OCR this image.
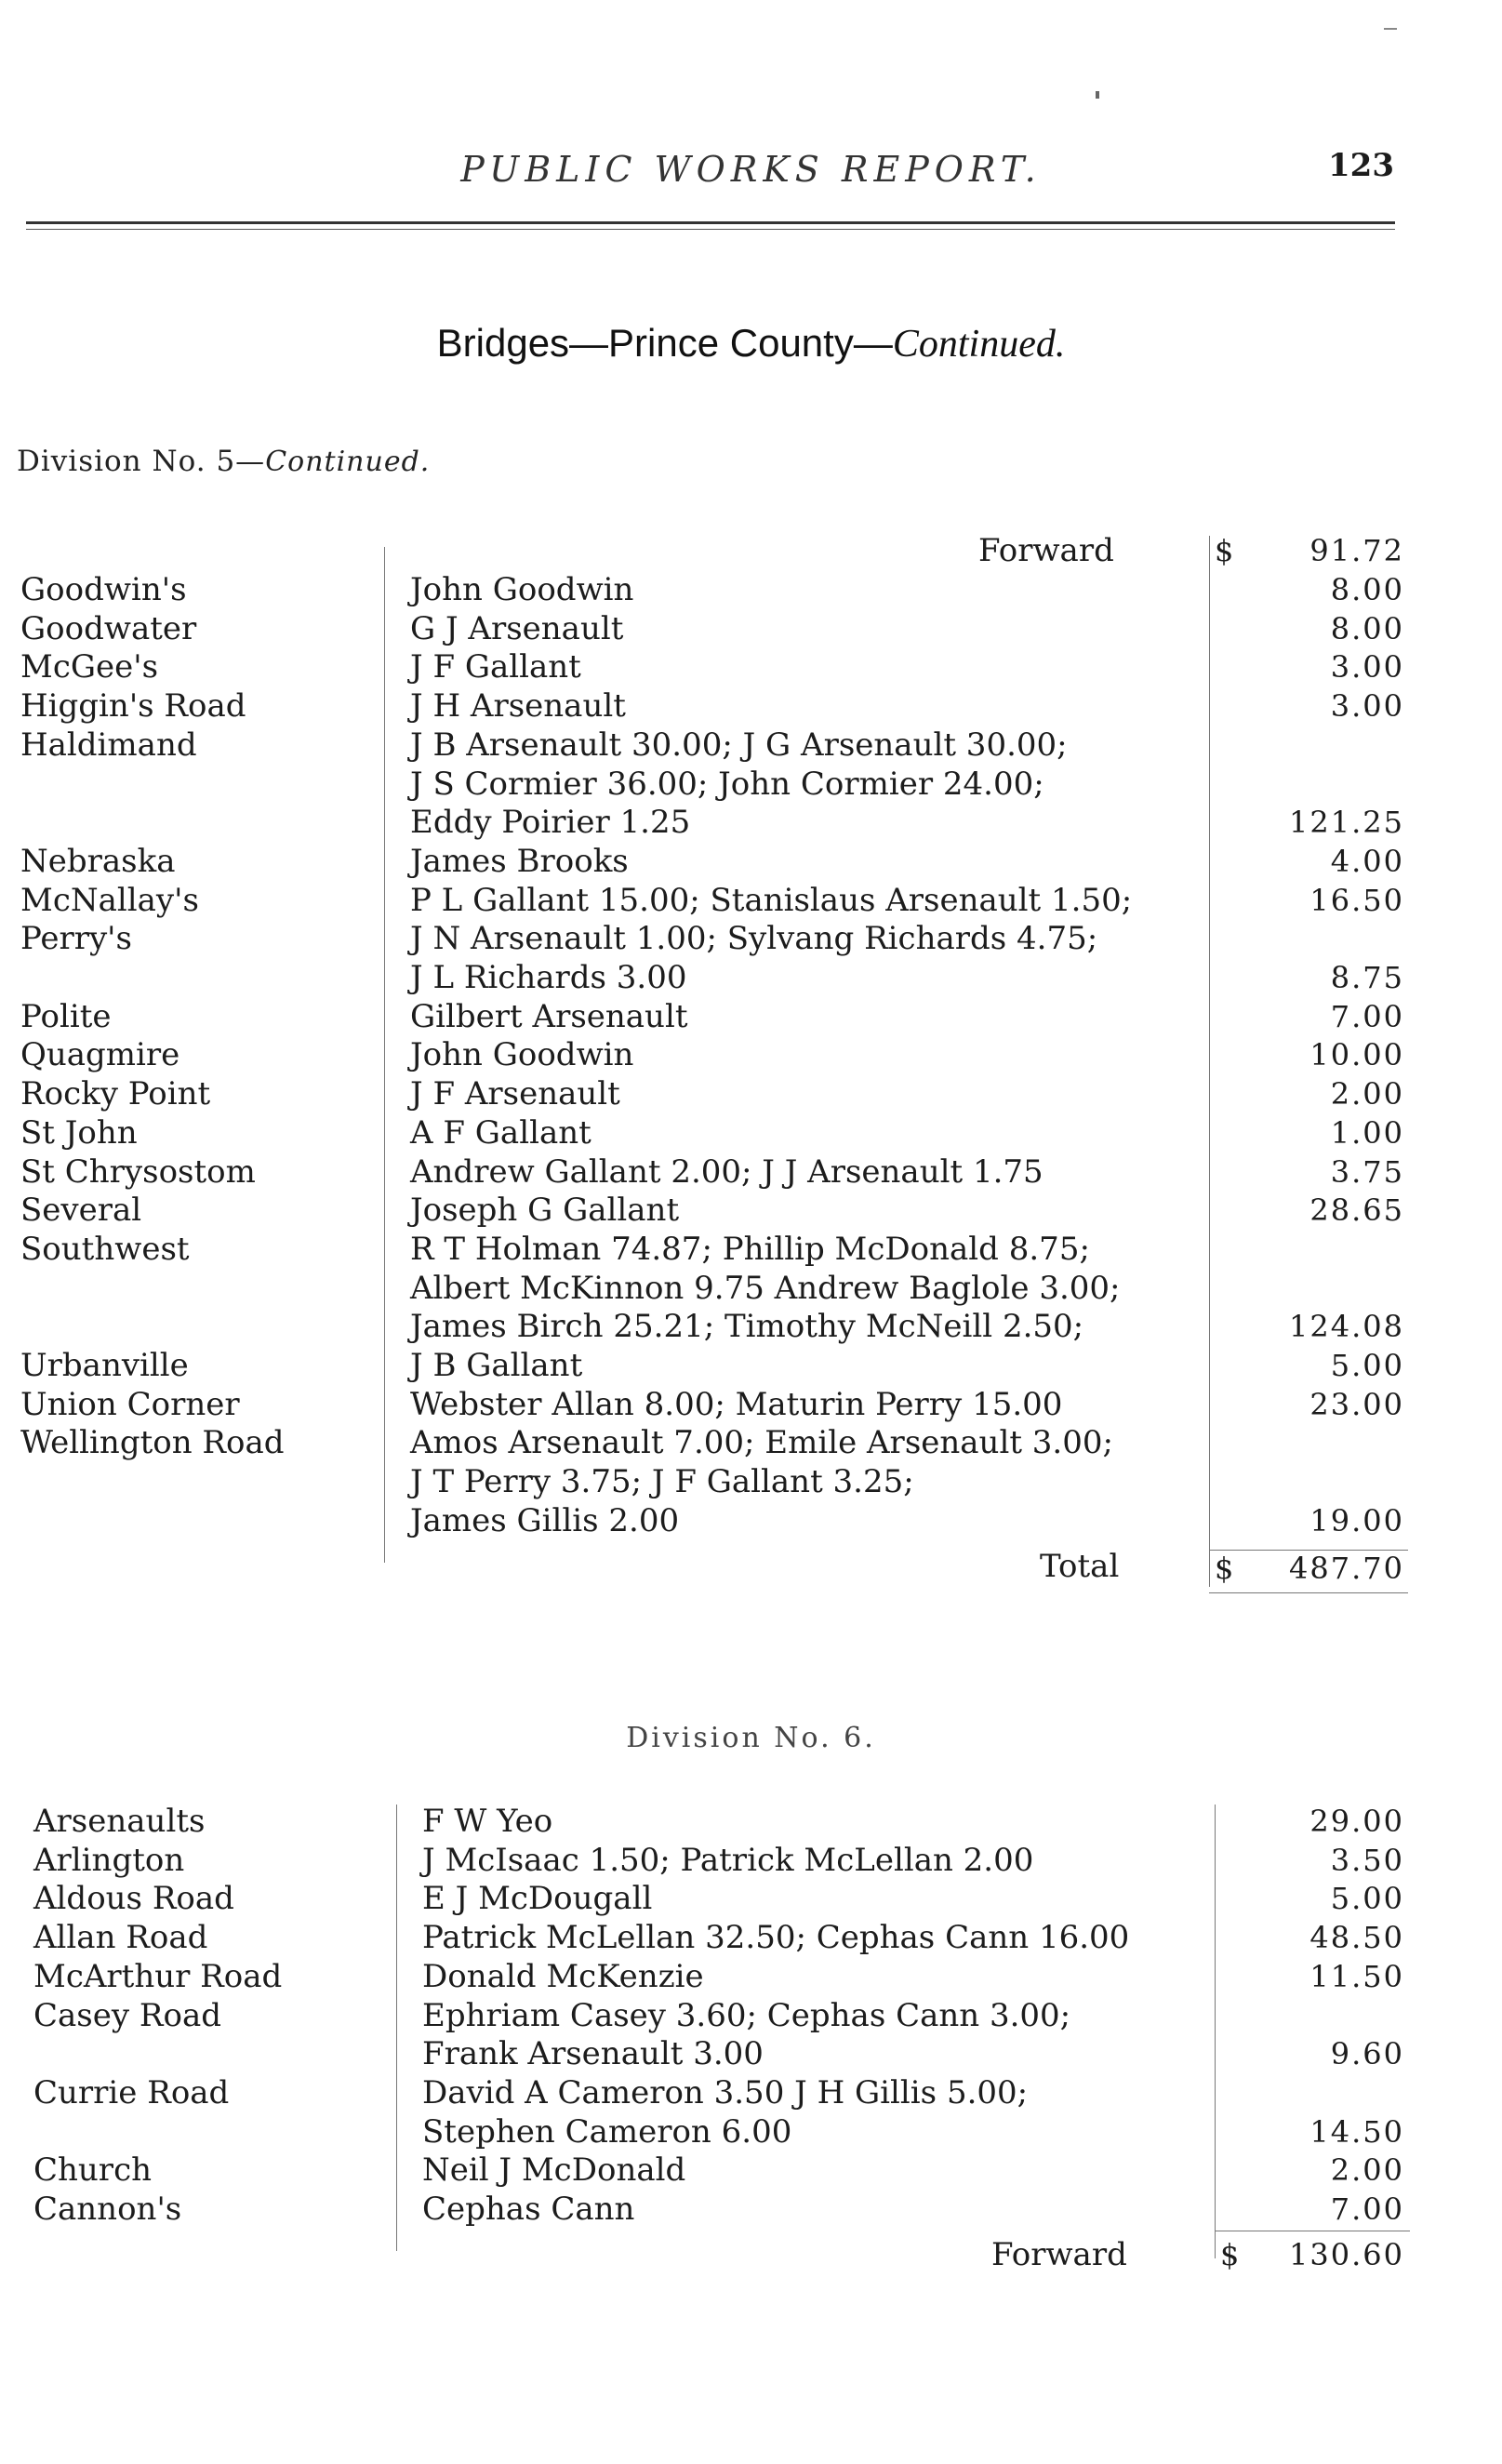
PUBLIC WORKS REPORT.	123
Bridges—Prince County—Continued.
Division No. 5—Continued.
Forward	$	91.72
Goodwin's	John Goodwin	8.00
Goodwater	G J Arsenault	8.00
McGee's	J F Gallant	3.00
Higgin's Road	J H Arsenault	3.00
Haldimand	J B Arsenault 30.00; J G Arsenault 30.00;
J S Cormier 36.00; John Cormier 24.00;
Eddy Poirier 1.25	121.25
Nebraska	James Brooks	4.00
McNallay's	P L Gallant 15.00; Stanislaus Arsenault 1.50;	16.50
Perry's	J N Arsenault 1.00; Sylvang Richards 4.75;
J L Richards 3.00	8.75
Polite	Gilbert Arsenault	7.00
Quagmire	John Goodwin	10.00
Rocky Point	J F Arsenault	2.00
St John	A F Gallant	1.00
St Chrysostom	Andrew Gallant 2.00; J J Arsenault 1.75	3.75
Several	Joseph G Gallant	28.65
Southwest	R T Holman 74.87; Phillip McDonald 8.75;
Albert McKinnon 9.75 Andrew Baglole 3.00;
James Birch 25.21; Timothy McNeill 2.50;	124.08
Urbanville	J B Gallant	5.00
Union Corner	Webster Allan 8.00; Maturin Perry 15.00	23.00
Wellington Road	Amos Arsenault 7.00; Emile Arsenault 3.00;
J T Perry 3.75; J F Gallant 3.25;
James Gillis 2.00	19.00
Total	$	487.70
Division No. 6.
Arsenaults	F W Yeo	29.00
Arlington	J McIsaac 1.50; Patrick McLellan 2.00	3.50
Aldous Road	E J McDougall	5.00
Allan Road	Patrick McLellan 32.50; Cephas Cann 16.00	48.50
McArthur Road	Donald McKenzie	11.50
Casey Road	Ephriam Casey 3.60; Cephas Cann 3.00;
Frank Arsenault 3.00	9.60
Currie Road	David A Cameron 3.50 J H Gillis 5.00;
Stephen Cameron 6.00	14.50
Church	Neil J McDonald	2.00
Cannon's	Cephas Cann	7.00
Forward	$	130.60
